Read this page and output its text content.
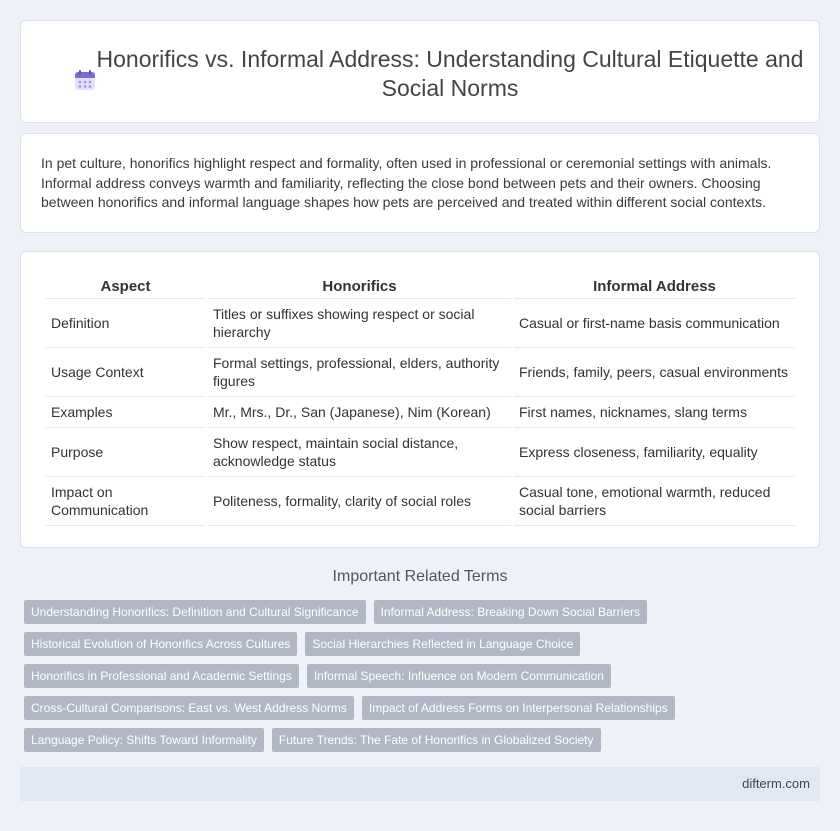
Honorifics vs. Informal Address: Understanding Cultural Etiquette and Social Norms

In pet culture, honorifics highlight respect and formality, often used in professional or ceremonial settings with animals. Informal address conveys warmth and familiarity, reflecting the close bond between pets and their owners. Choosing between honorifics and informal language shapes how pets are perceived and treated within different social contexts.

Aspect	Honorifics	Informal Address
Definition	Titles or suffixes showing respect or social hierarchy	Casual or first-name basis communication
Usage Context	Formal settings, professional, elders, authority figures	Friends, family, peers, casual environments
Examples	Mr., Mrs., Dr., San (Japanese), Nim (Korean)	First names, nicknames, slang terms
Purpose	Show respect, maintain social distance, acknowledge status	Express closeness, familiarity, equality
Impact on Communication	Politeness, formality, clarity of social roles	Casual tone, emotional warmth, reduced social barriers
Important Related Terms
Understanding Honorifics: Definition and Cultural Significance	Informal Address: Breaking Down Social Barriers
Historical Evolution of Honorifics Across Cultures	Social Hierarchies Reflected in Language Choice
Honorifics in Professional and Academic Settings	Informal Speech: Influence on Modern Communication
Cross-Cultural Comparisons: East vs. West Address Norms	Impact of Address Forms on Interpersonal Relationships
Language Policy: Shifts Toward Informality	Future Trends: The Fate of Honorifics in Globalized Society
difterm.com
